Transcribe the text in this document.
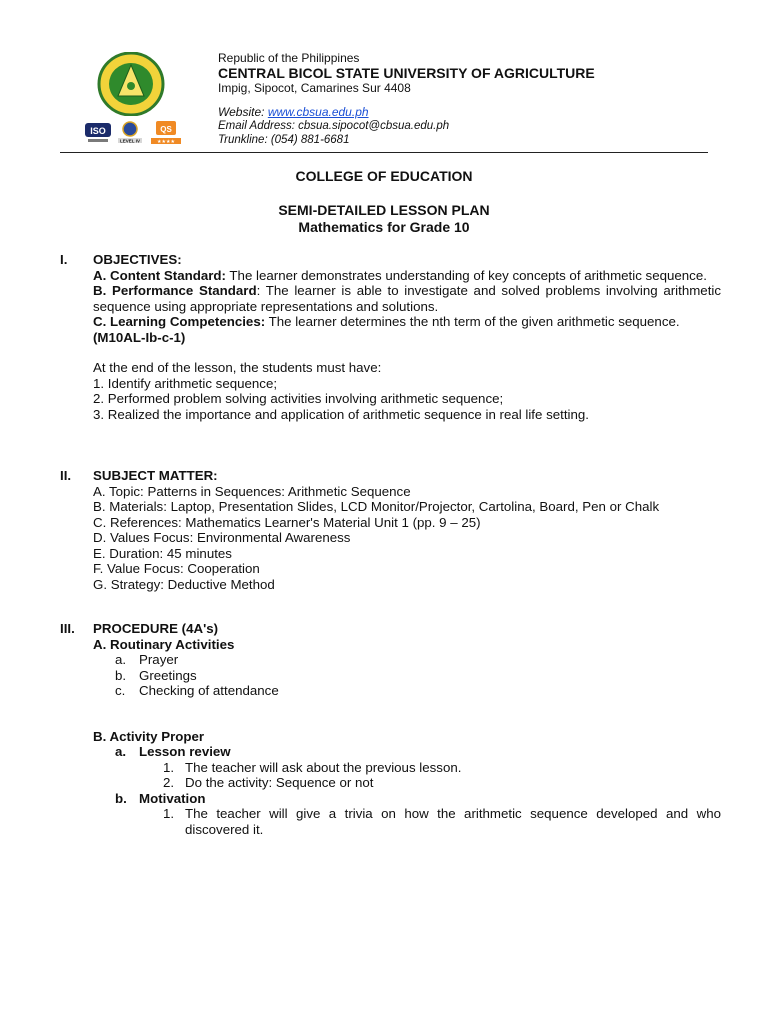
ISO
LEVEL IV
QS
★★★★
Republic of the Philippines
CENTRAL BICOL STATE UNIVERSITY OF AGRICULTURE
Impig, Sipocot, Camarines Sur 4408
Website: www.cbsua.edu.ph
Email Address: cbsua.sipocot@cbsua.edu.ph
Trunkline: (054) 881-6681
COLLEGE OF EDUCATION
SEMI-DETAILED LESSON PLAN
Mathematics for Grade 10
I. OBJECTIVES:

A. Content Standard: The learner demonstrates understanding of key concepts of arithmetic sequence.

B. Performance Standard: The learner is able to investigate and solved problems involving arithmetic sequence using appropriate representations and solutions.

C. Learning Competencies: The learner determines the nth term of the given arithmetic sequence.

(M10AL-Ib-c-1)

At the end of the lesson, the students must have:

1. Identify arithmetic sequence;

2. Performed problem solving activities involving arithmetic sequence;

3. Realized the importance and application of arithmetic sequence in real life setting.

II. SUBJECT MATTER:

A. Topic: Patterns in Sequences: Arithmetic Sequence

B. Materials: Laptop, Presentation Slides, LCD Monitor/Projector, Cartolina, Board, Pen or Chalk

C. References: Mathematics Learner's Material Unit 1 (pp. 9 – 25)

D. Values Focus: Environmental Awareness

E. Duration: 45 minutes

F. Value Focus: Cooperation

G. Strategy: Deductive Method

III. PROCEDURE (4A's)

A. Routinary Activities

a. Prayer
b. Greetings
c. Checking of attendance

B. Activity Proper

a. Lesson review
1. The teacher will ask about the previous lesson.
2. Do the activity: Sequence or not
b. Motivation
1. The teacher will give a trivia on how the arithmetic sequence developed and who discovered it.
